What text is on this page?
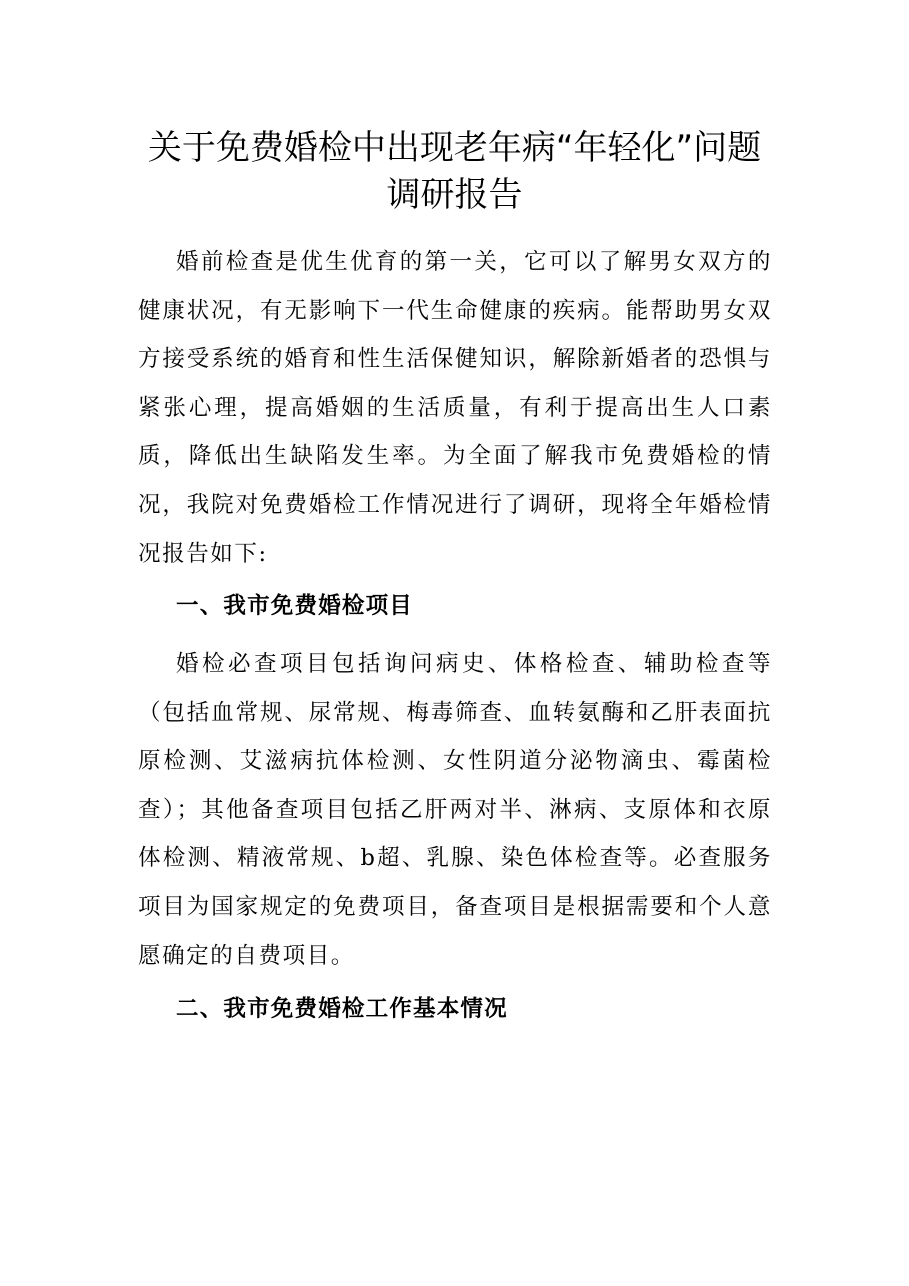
关于免费婚检中出现老年病“年轻化”问题
调研报告

婚前检查是优生优育的第一关，它可以了解男女双方的健康状况，有无影响下一代生命健康的疾病。能帮助男女双方接受系统的婚育和性生活保健知识，解除新婚者的恐惧与紧张心理，提高婚姻的生活质量，有利于提高出生人口素质，降低出生缺陷发生率。为全面了解我市免费婚检的情况，我院对免费婚检工作情况进行了调研，现将全年婚检情况报告如下:

一、我市免费婚检项目

婚检必查项目包括询问病史、体格检查、辅助检查等（包括血常规、尿常规、梅毒筛查、血转氨酶和乙肝表面抗原检测、艾滋病抗体检测、女性阴道分泌物滴虫、霉菌检查）；其他备查项目包括乙肝两对半、淋病、支原体和衣原体检测、精液常规、b超、乳腺、染色体检查等。必查服务项目为国家规定的免费项目，备查项目是根据需要和个人意愿确定的自费项目。

二、我市免费婚检工作基本情况
